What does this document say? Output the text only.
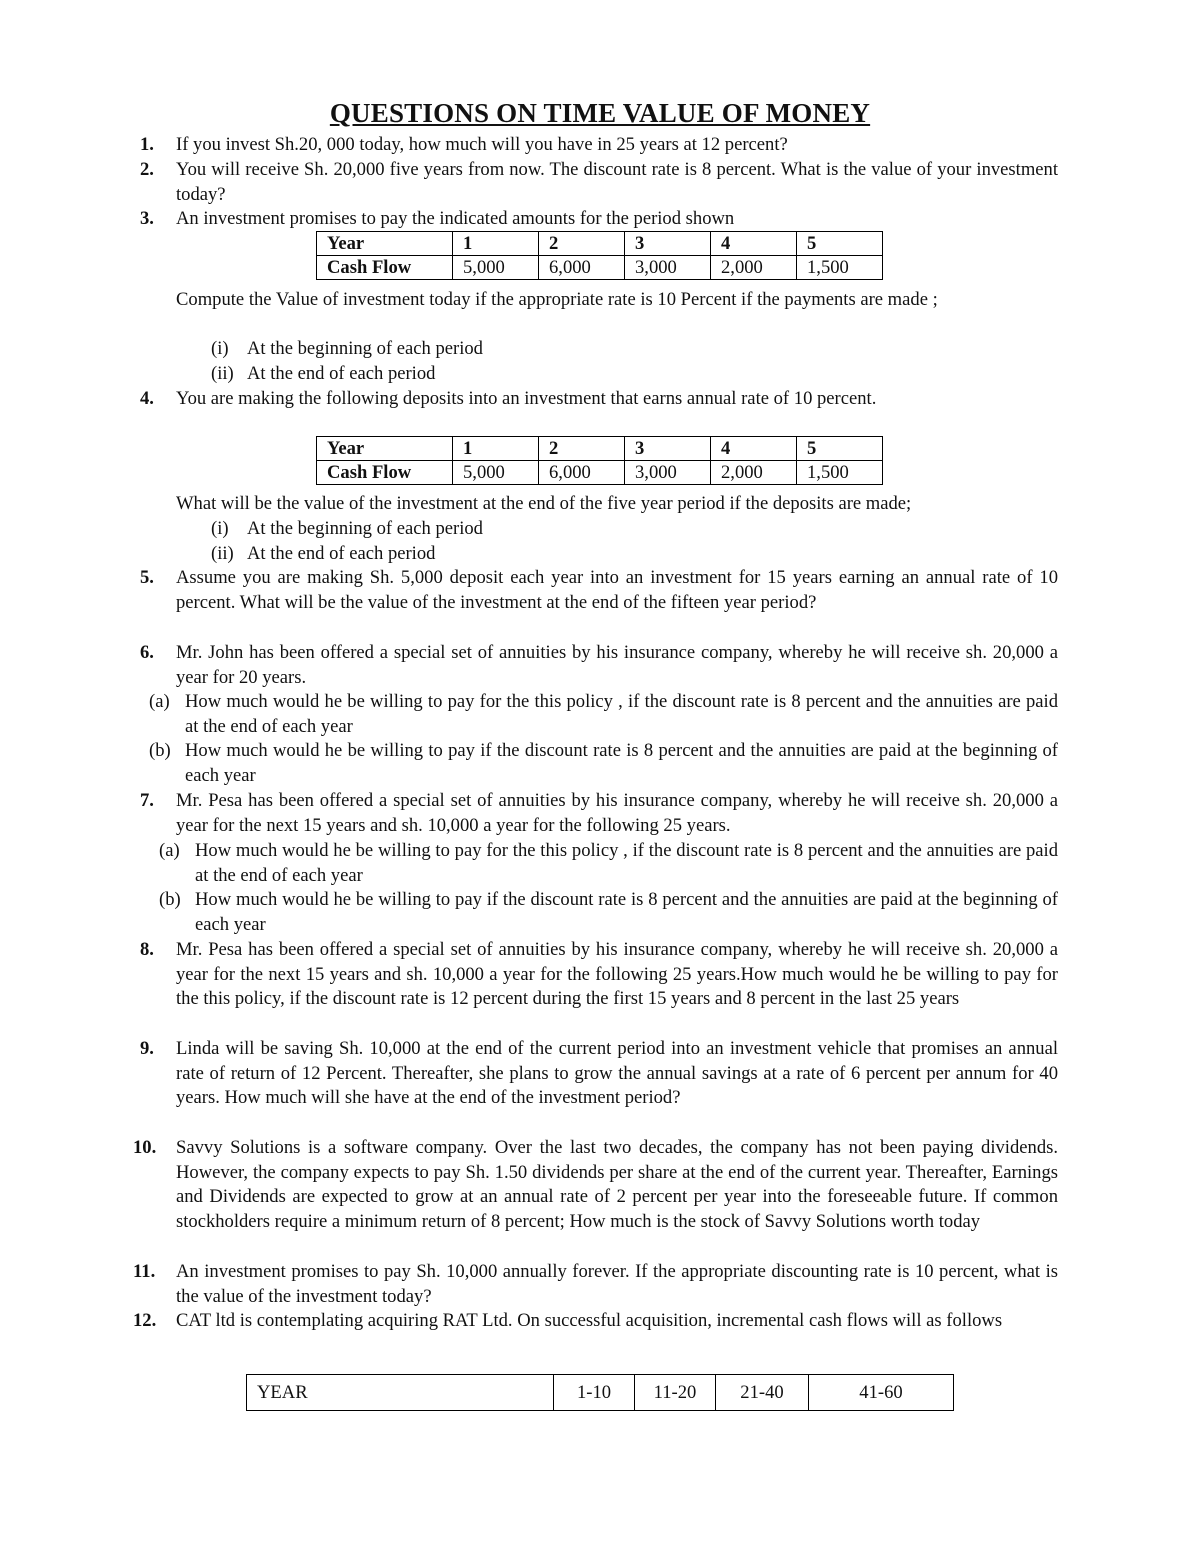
QUESTIONS ON TIME VALUE OF MONEY
1. If you invest Sh.20, 000 today, how much will you have in 25 years at 12 percent?
2. You will receive Sh. 20,000 five years from now. The discount rate is 8 percent. What is the value of your investment today?
3. An investment promises to pay the indicated amounts for the period shown
Year	1	2	3	4	5
Cash Flow	5,000	6,000	3,000	2,000	1,500
Compute the Value of investment today if the appropriate rate is 10 Percent if the payments are made ;
(i) At the beginning of each period
(ii) At the end of each period
4. You are making the following deposits into an investment that earns annual rate of 10 percent.
Year	1	2	3	4	5
Cash Flow	5,000	6,000	3,000	2,000	1,500
What will be the value of the investment at the end of the five year period if the deposits are made;
(i) At the beginning of each period
(ii) At the end of each period
5. Assume you are making Sh. 5,000 deposit each year into an investment for 15 years earning an annual rate of 10 percent. What will be the value of the investment at the end of the fifteen year period?
6. Mr. John has been offered a special set of annuities by his insurance company, whereby he will receive sh. 20,000 a year for 20 years.
(a) How much would he be willing to pay for the this policy , if the discount rate is 8 percent and the annuities are paid at the end of each year
(b) How much would he be willing to pay if the discount rate is 8 percent and the annuities are paid at the beginning of each year
7. Mr. Pesa has been offered a special set of annuities by his insurance company, whereby he will receive sh. 20,000 a year for the next 15 years and sh. 10,000 a year for the following 25 years.
(a) How much would he be willing to pay for the this policy , if the discount rate is 8 percent and the annuities are paid at the end of each year
(b) How much would he be willing to pay if the discount rate is 8 percent and the annuities are paid at the beginning of each year
8. Mr. Pesa has been offered a special set of annuities by his insurance company, whereby he will receive sh. 20,000 a year for the next 15 years and sh. 10,000 a year for the following 25 years.How much would he be willing to pay for the this policy, if the discount rate is 12 percent during the first 15 years and 8 percent in the last 25 years
9. Linda will be saving Sh. 10,000 at the end of the current period into an investment vehicle that promises an annual rate of return of 12 Percent. Thereafter, she plans to grow the annual savings at a rate of 6 percent per annum for 40 years. How much will she have at the end of the investment period?
10. Savvy Solutions is a software company. Over the last two decades, the company has not been paying dividends. However, the company expects to pay Sh. 1.50 dividends per share at the end of the current year. Thereafter, Earnings and Dividends are expected to grow at an annual rate of 2 percent per year into the foreseeable future. If common stockholders require a minimum return of 8 percent; How much is the stock of Savvy Solutions worth today
11. An investment promises to pay Sh. 10,000 annually forever. If the appropriate discounting rate is 10 percent, what is the value of the investment today?
12. CAT ltd is contemplating acquiring RAT Ltd. On successful acquisition, incremental cash flows will as follows
YEAR	1-10	11-20	21-40	41-60
